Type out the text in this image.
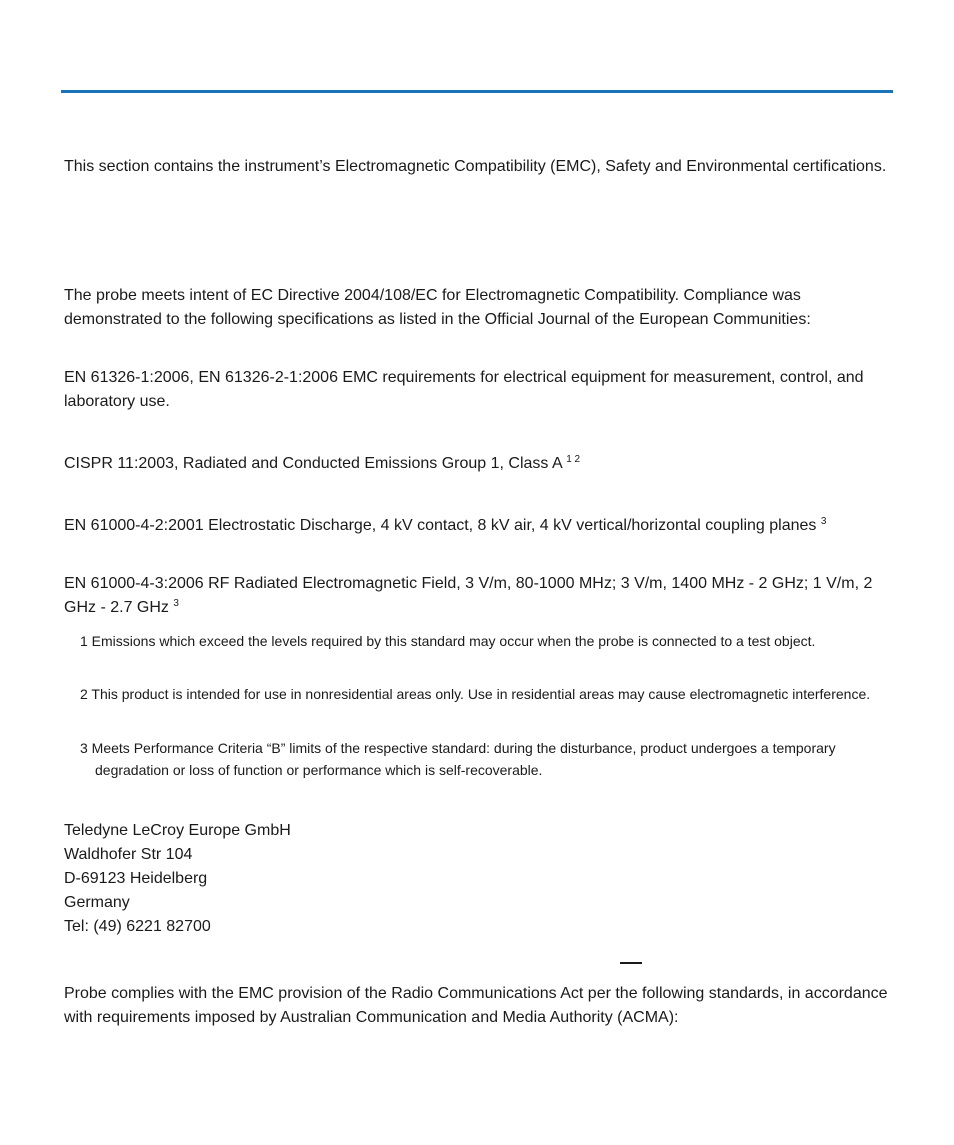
This section contains the instrument’s Electromagnetic Compatibility (EMC), Safety and Environmental certifications.

The probe meets intent of EC Directive 2004/108/EC for Electromagnetic Compatibility. Compliance was demonstrated to the following specifications as listed in the Official Journal of the European Communities:

EN 61326-1:2006, EN 61326-2-1:2006 EMC requirements for electrical equipment for measurement, control, and laboratory use.

CISPR 11:2003, Radiated and Conducted Emissions Group 1, Class A $^{1 2}$

EN 61000-4-2:2001 Electrostatic Discharge, 4 kV contact, 8 kV air, 4 kV vertical/horizontal coupling planes $^3$

EN 61000-4-3:2006 RF Radiated Electromagnetic Field, 3 V/m, 80-1000 MHz; 3 V/m, 1400 MHz - 2 GHz; 1 V/m, 2 GHz - 2.7 GHz $^3$

1 Emissions which exceed the levels required by this standard may occur when the probe is connected to a test object.

2 This product is intended for use in nonresidential areas only. Use in residential areas may cause electromagnetic interference.

3 Meets Performance Criteria “B” limits of the respective standard: during the disturbance, product undergoes a temporary degradation or loss of function or performance which is self-recoverable.

Teledyne LeCroy Europe GmbH
Waldhofer Str 104
D-69123 Heidelberg
Germany
Tel: (49) 6221 82700

Probe complies with the EMC provision of the Radio Communications Act per the following standards, in accordance with requirements imposed by Australian Communication and Media Authority (ACMA):
